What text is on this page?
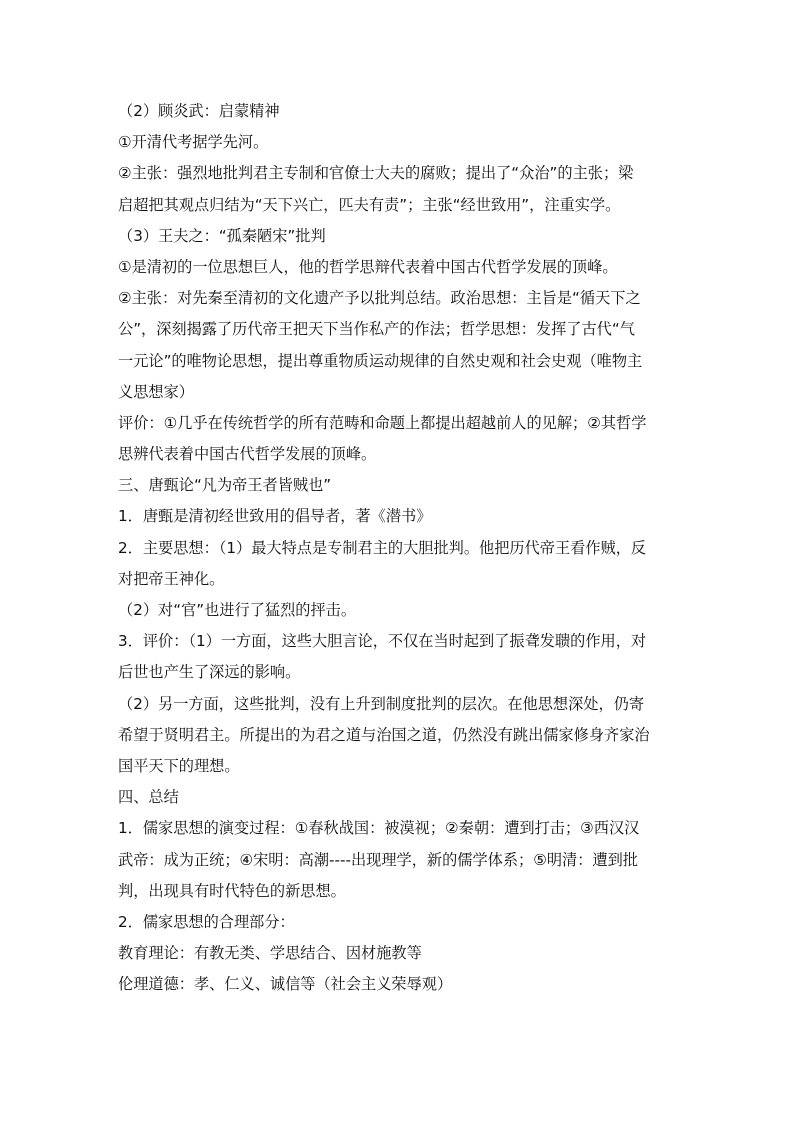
（2）顾炎武：启蒙精神
①开清代考据学先河。
②主张：强烈地批判君主专制和官僚士大夫的腐败；提出了“众治”的主张；梁
启超把其观点归结为“天下兴亡，匹夫有责”；主张“经世致用”，注重实学。
（3）王夫之：“孤秦陋宋”批判
①是清初的一位思想巨人，他的哲学思辩代表着中国古代哲学发展的顶峰。
②主张：对先秦至清初的文化遗产予以批判总结。政治思想：主旨是“循天下之
公”，深刻揭露了历代帝王把天下当作私产的作法；哲学思想：发挥了古代“气
一元论”的唯物论思想，提出尊重物质运动规律的自然史观和社会史观（唯物主
义思想家）
评价：①几乎在传统哲学的所有范畴和命题上都提出超越前人的见解；②其哲学
思辨代表着中国古代哲学发展的顶峰。
三、唐甄论“凡为帝王者皆贼也”
1．唐甄是清初经世致用的倡导者，著《潜书》
2．主要思想：（1）最大特点是专制君主的大胆批判。他把历代帝王看作贼，反
对把帝王神化。
（2）对“官”也进行了猛烈的抨击。
3．评价：（1）一方面，这些大胆言论，不仅在当时起到了振聋发聩的作用，对
后世也产生了深远的影响。
（2）另一方面，这些批判，没有上升到制度批判的层次。在他思想深处，仍寄
希望于贤明君主。所提出的为君之道与治国之道，仍然没有跳出儒家修身齐家治
国平天下的理想。
四、总结
1．儒家思想的演变过程：①春秋战国：被漠视；②秦朝：遭到打击；③西汉汉
武帝：成为正统；④宋明：高潮----出现理学，新的儒学体系；⑤明清：遭到批
判，出现具有时代特色的新思想。
2．儒家思想的合理部分：
教育理论：有教无类、学思结合、因材施教等
伦理道德：孝、仁义、诚信等（社会主义荣辱观）
